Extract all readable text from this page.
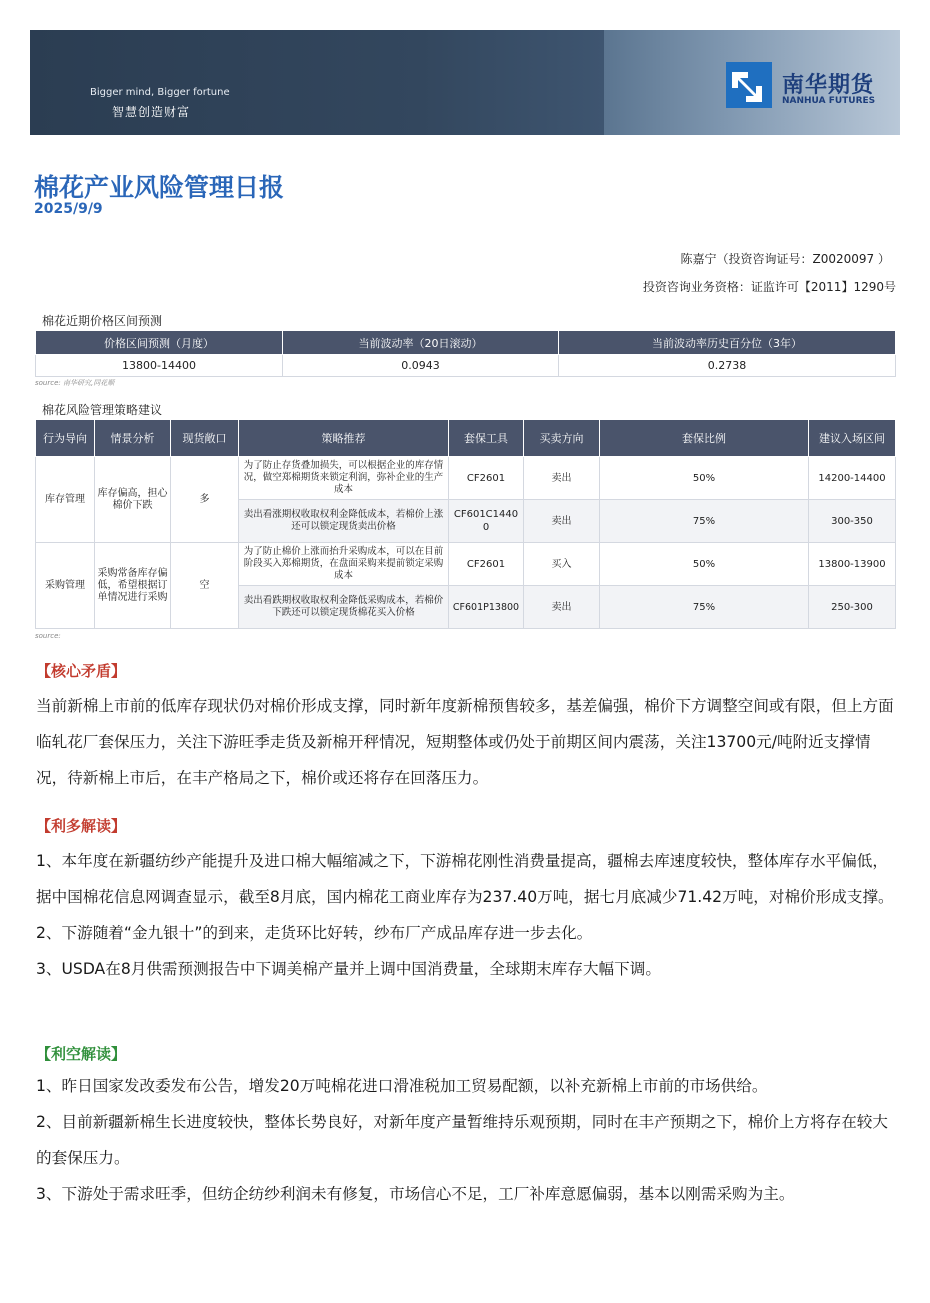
Bigger mind, Bigger fortune
智慧创造财富
南华期货
NANHUA FUTURES
棉花产业风险管理日报
2025/9/9
陈嘉宁（投资咨询证号：Z0020097 ）
投资咨询业务资格：证监许可【2011】1290号
棉花近期价格区间预测
价格区间预测（月度）	当前波动率（20日滚动）	当前波动率历史百分位（3年）
13800-14400	0.0943	0.2738
source: 南华研究,同花顺
棉花风险管理策略建议
行为导向	情景分析	现货敞口	策略推荐	套保工具	买卖方向	套保比例	建议入场区间
库存管理	库存偏高，担心棉价下跌	多	为了防止存货叠加损失，可以根据企业的库存情况，做空郑棉期货来锁定利润，弥补企业的生产成本	CF2601	卖出	50%	14200-14400
			卖出看涨期权收取权利金降低成本，若棉价上涨还可以锁定现货卖出价格	CF601C14400	卖出	75%	300-350
采购管理	采购常备库存偏低，希望根据订单情况进行采购	空	为了防止棉价上涨而抬升采购成本，可以在目前阶段买入郑棉期货，在盘面采购来提前锁定采购成本	CF2601	买入	50%	13800-13900
			卖出看跌期权收取权利金降低采购成本，若棉价下跌还可以锁定现货棉花买入价格	CF601P13800	卖出	75%	250-300
source:
【核心矛盾】
当前新棉上市前的低库存现状仍对棉价形成支撑，同时新年度新棉预售较多，基差偏强，棉价下方调整空间或有限，但上方面临轧花厂套保压力，关注下游旺季走货及新棉开秤情况，短期整体或仍处于前期区间内震荡，关注13700元/吨附近支撑情况，待新棉上市后，在丰产格局之下，棉价或还将存在回落压力。
【利多解读】
1、本年度在新疆纺纱产能提升及进口棉大幅缩减之下，下游棉花刚性消费量提高，疆棉去库速度较快，整体库存水平偏低，据中国棉花信息网调查显示，截至8月底，国内棉花工商业库存为237.40万吨，据七月底减少71.42万吨，对棉价形成支撑。
2、下游随着“金九银十”的到来，走货环比好转，纱布厂产成品库存进一步去化。
3、USDA在8月供需预测报告中下调美棉产量并上调中国消费量，全球期末库存大幅下调。
【利空解读】
1、昨日国家发改委发布公告，增发20万吨棉花进口滑准税加工贸易配额，以补充新棉上市前的市场供给。
2、目前新疆新棉生长进度较快，整体长势良好，对新年度产量暂维持乐观预期，同时在丰产预期之下，棉价上方将存在较大的套保压力。
3、下游处于需求旺季，但纺企纺纱利润未有修复，市场信心不足，工厂补库意愿偏弱，基本以刚需采购为主。
